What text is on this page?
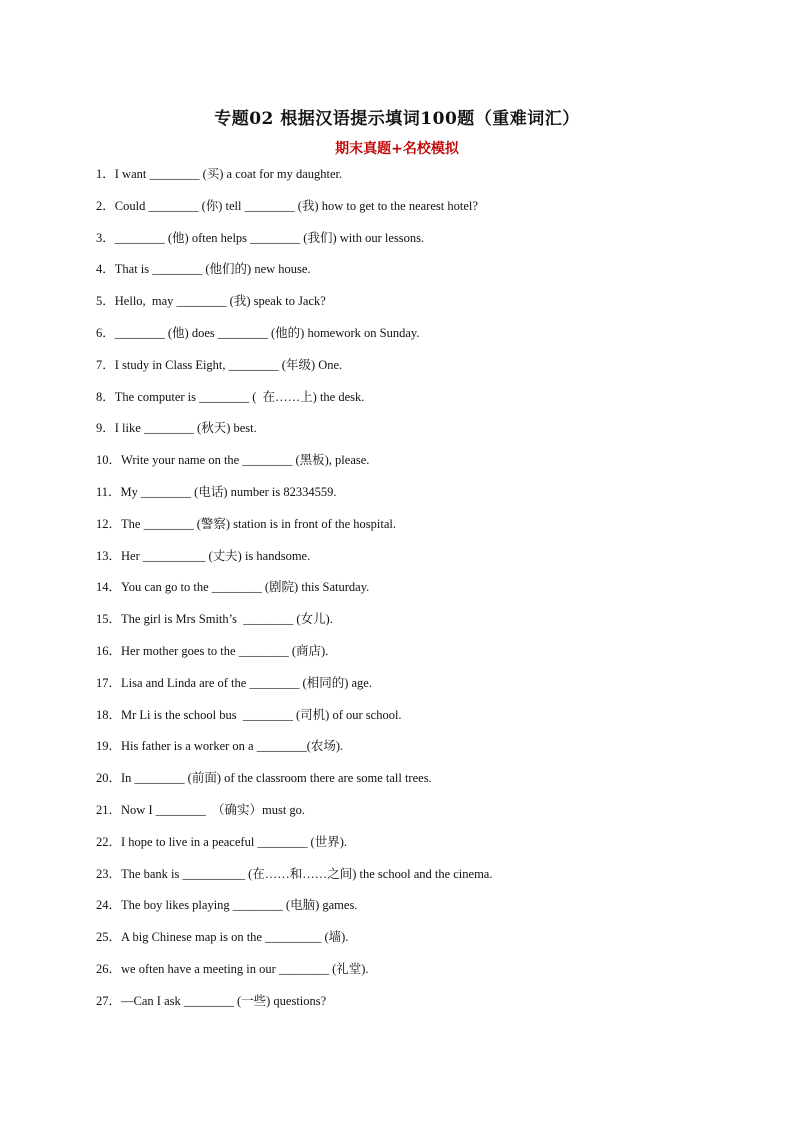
专题02 根据汉语提示填词100题（重难词汇）
期末真题+名校模拟
1．I want ________ (买) a coat for my daughter.
2．Could ________ (你) tell ________ (我) how to get to the nearest hotel?
3．________ (他) often helps ________ (我们) with our lessons.
4．That is ________ (他们的) new house.
5．Hello,  may ________ (我) speak to Jack?
6．________ (他) does ________ (他的) homework on Sunday.
7．I study in Class Eight, ________ (年级) One.
8．The computer is ________ (  在……上) the desk.
9．I like ________ (秋天) best.
10．Write your name on the ________ (黑板), please.
11．My ________ (电话) number is 82334559.
12．The ________ (警察) station is in front of the hospital.
13．Her __________ (丈夫) is handsome.
14．You can go to the ________ (剧院) this Saturday.
15．The girl is Mrs Smith’s  ________ (女儿).
16．Her mother goes to the ________ (商店).
17．Lisa and Linda are of the ________ (相同的) age.
18．Mr Li is the school bus  ________ (司机) of our school.
19．His father is a worker on a ________(农场).
20．In ________ (前面) of the classroom there are some tall trees.
21．Now I ________  （确实）must go.
22．I hope to live in a peaceful ________ (世界).
23．The bank is __________ (在……和……之间) the school and the cinema.
24．The boy likes playing ________ (电脑) games.
25．A big Chinese map is on the _________ (墙).
26．we often have a meeting in our ________ (礼堂).
27．—Can I ask ________ (一些) questions?
